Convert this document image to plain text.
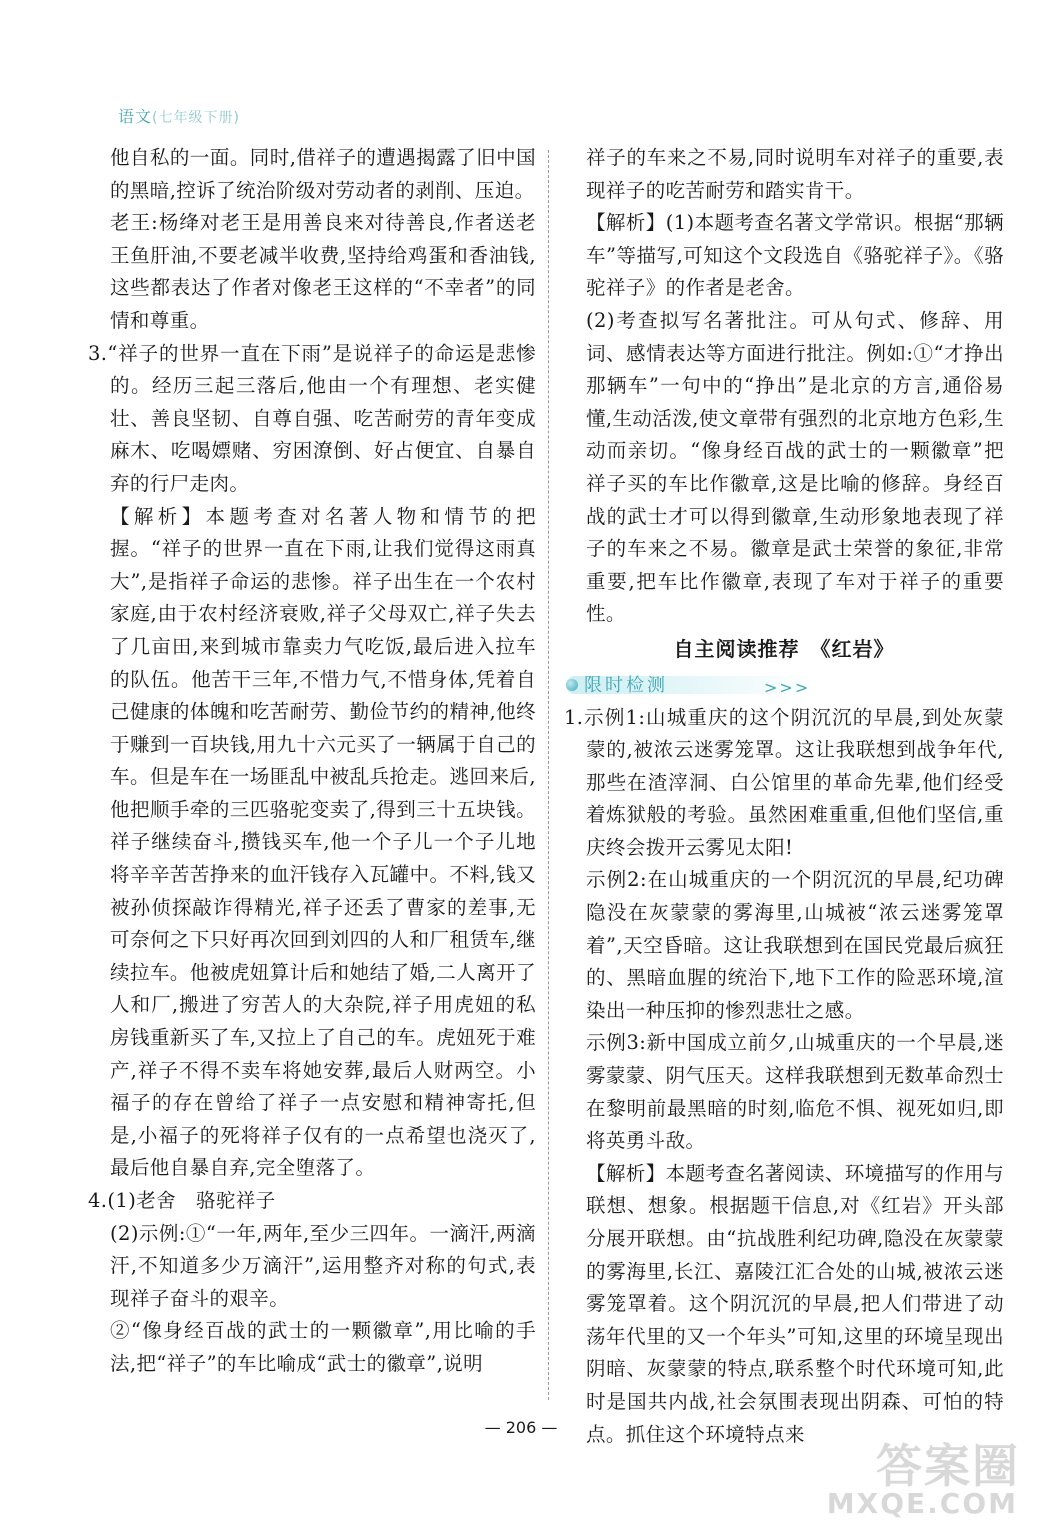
语文(七年级下册)

他自私的一面。同时,借祥子的遭遇揭露了旧中国的黑暗,控诉了统治阶级对劳动者的剥削、压迫。

老王:杨绛对老王是用善良来对待善良,作者送老王鱼肝油,不要老减半收费,坚持给鸡蛋和香油钱,这些都表达了作者对像老王这样的“不幸者”的同情和尊重。

3.“祥子的世界一直在下雨”是说祥子的命运是悲惨的。经历三起三落后,他由一个有理想、老实健壮、善良坚韧、自尊自强、吃苦耐劳的青年变成麻木、吃喝嫖赌、穷困潦倒、好占便宜、自暴自弃的行尸走肉。

【解析】本题考查对名著人物和情节的把握。“祥子的世界一直在下雨,让我们觉得这雨真大”,是指祥子命运的悲惨。祥子出生在一个农村家庭,由于农村经济衰败,祥子父母双亡,祥子失去了几亩田,来到城市靠卖力气吃饭,最后进入拉车的队伍。他苦干三年,不惜力气,不惜身体,凭着自己健康的体魄和吃苦耐劳、勤俭节约的精神,他终于赚到一百块钱,用九十六元买了一辆属于自己的车。但是车在一场匪乱中被乱兵抢走。逃回来后,他把顺手牵的三匹骆驼变卖了,得到三十五块钱。祥子继续奋斗,攒钱买车,他一个子儿一个子儿地将辛辛苦苦挣来的血汗钱存入瓦罐中。不料,钱又被孙侦探敲诈得精光,祥子还丢了曹家的差事,无可奈何之下只好再次回到刘四的人和厂租赁车,继续拉车。他被虎妞算计后和她结了婚,二人离开了人和厂,搬进了穷苦人的大杂院,祥子用虎妞的私房钱重新买了车,又拉上了自己的车。虎妞死于难产,祥子不得不卖车将她安葬,最后人财两空。小福子的存在曾给了祥子一点安慰和精神寄托,但是,小福子的死将祥子仅有的一点希望也浇灭了,最后他自暴自弃,完全堕落了。

4.(1)老舍　骆驼祥子

(2)示例:①“一年,两年,至少三四年。一滴汗,两滴汗,不知道多少万滴汗”,运用整齐对称的句式,表现祥子奋斗的艰辛。

②“像身经百战的武士的一颗徽章”,用比喻的手法,把“祥子”的车比喻成“武士的徽章”,说明

祥子的车来之不易,同时说明车对祥子的重要,表现祥子的吃苦耐劳和踏实肯干。

【解析】(1)本题考查名著文学常识。根据“那辆车”等描写,可知这个文段选自《骆驼祥子》。《骆驼祥子》的作者是老舍。

(2)考查拟写名著批注。可从句式、修辞、用词、感情表达等方面进行批注。例如:①“才挣出那辆车”一句中的“挣出”是北京的方言,通俗易懂,生动活泼,使文章带有强烈的北京地方色彩,生动而亲切。“像身经百战的武士的一颗徽章”把祥子买的车比作徽章,这是比喻的修辞。身经百战的武士才可以得到徽章,生动形象地表现了祥子的车来之不易。徽章是武士荣誉的象征,非常重要,把车比作徽章,表现了车对于祥子的重要性。

自主阅读推荐　《红岩》
限时检测	>>>

1.示例1:山城重庆的这个阴沉沉的早晨,到处灰蒙蒙的,被浓云迷雾笼罩。这让我联想到战争年代,那些在渣滓洞、白公馆里的革命先辈,他们经受着炼狱般的考验。虽然困难重重,但他们坚信,重庆终会拨开云雾见太阳!

示例2:在山城重庆的一个阴沉沉的早晨,纪功碑隐没在灰蒙蒙的雾海里,山城被“浓云迷雾笼罩着”,天空昏暗。这让我联想到在国民党最后疯狂的、黑暗血腥的统治下,地下工作的险恶环境,渲染出一种压抑的惨烈悲壮之感。

示例3:新中国成立前夕,山城重庆的一个早晨,迷雾蒙蒙、阴气压天。这样我联想到无数革命烈士在黎明前最黑暗的时刻,临危不惧、视死如归,即将英勇斗敌。

【解析】本题考查名著阅读、环境描写的作用与联想、想象。根据题干信息,对《红岩》开头部分展开联想。由“抗战胜利纪功碑,隐没在灰蒙蒙的雾海里,长江、嘉陵江汇合处的山城,被浓云迷雾笼罩着。这个阴沉沉的早晨,把人们带进了动荡年代里的又一个年头”可知,这里的环境呈现出阴暗、灰蒙蒙的特点,联系整个时代环境可知,此时是国共内战,社会氛围表现出阴森、可怕的特点。抓住这个环境特点来

— 206 —
答案圈
MXQE.COM
